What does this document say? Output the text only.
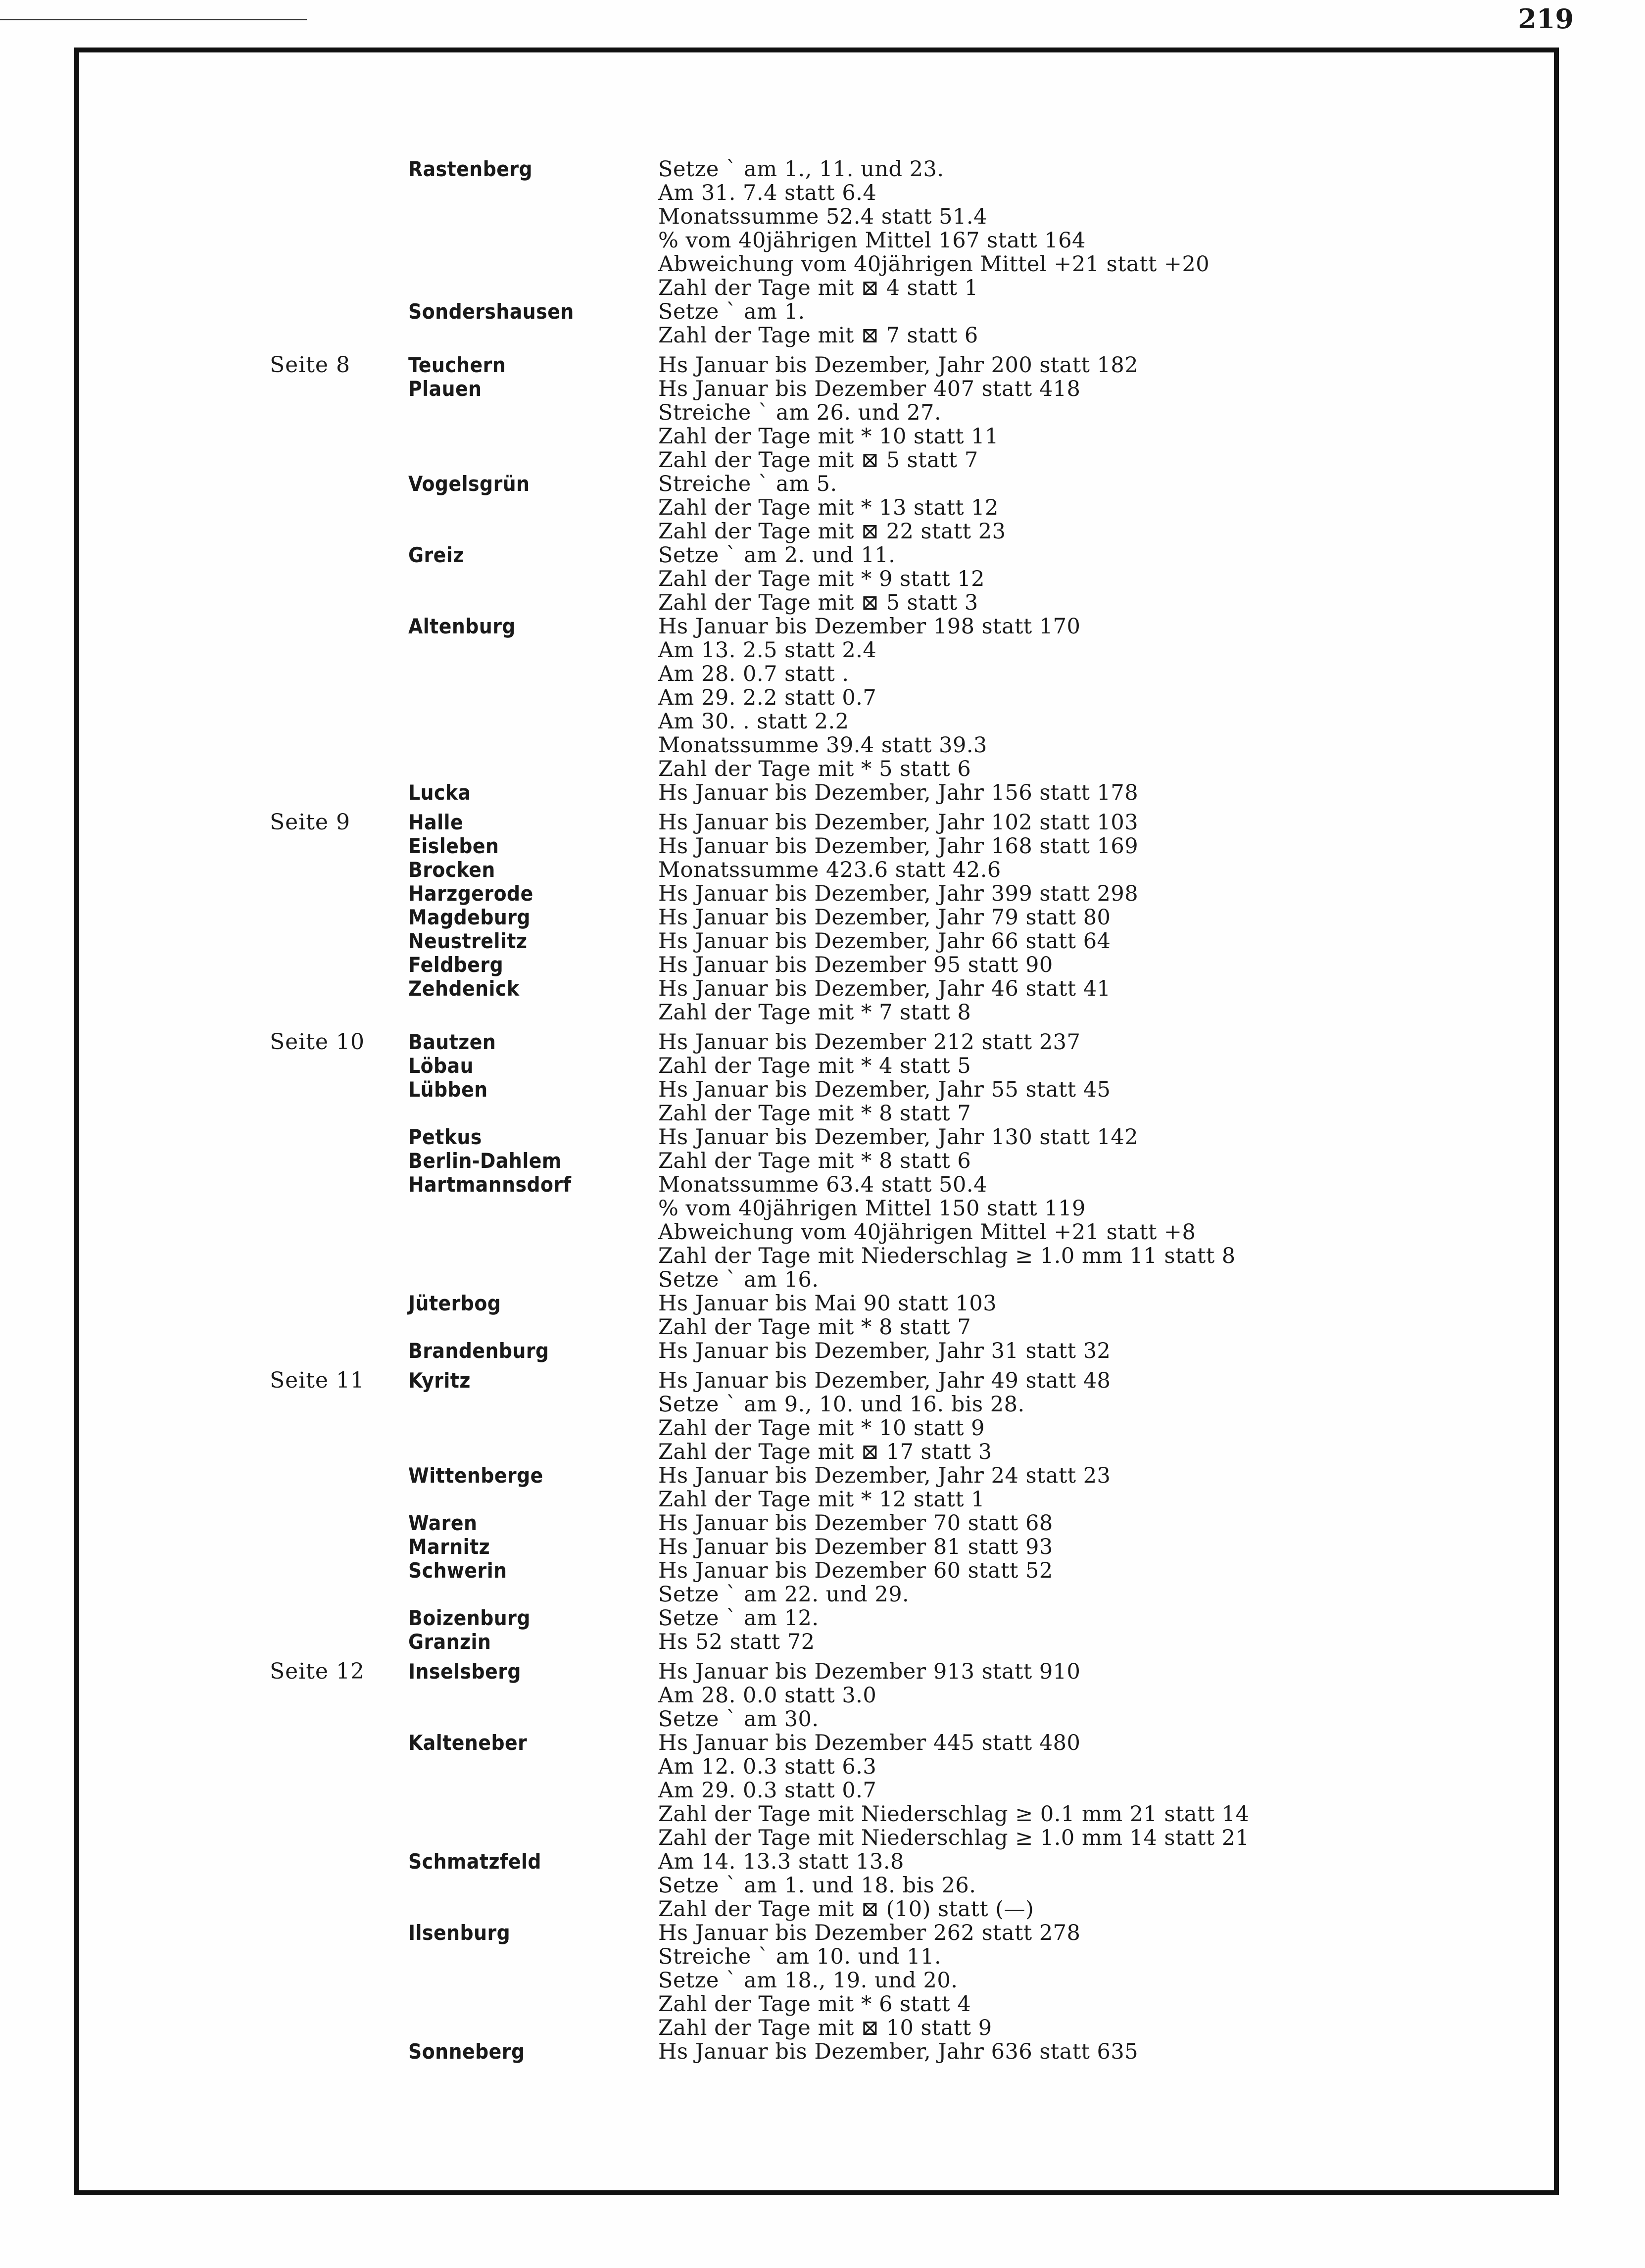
219
Rastenberg	Setze ` am 1., 11. und 23.
Am 31. 7.4 statt 6.4
Monatssumme 52.4 statt 51.4
% vom 40jährigen Mittel 167 statt 164
Abweichung vom 40jährigen Mittel +21 statt +20
Zahl der Tage mit ⊠ 4 statt 1
Sondershausen	Setze ` am 1.
Zahl der Tage mit ⊠ 7 statt 6
Seite 8	Teuchern	Hs Januar bis Dezember, Jahr 200 statt 182
Plauen	Hs Januar bis Dezember 407 statt 418
Streiche ` am 26. und 27.
Zahl der Tage mit * 10 statt 11
Zahl der Tage mit ⊠ 5 statt 7
Vogelsgrün	Streiche ` am 5.
Zahl der Tage mit * 13 statt 12
Zahl der Tage mit ⊠ 22 statt 23
Greiz	Setze ` am 2. und 11.
Zahl der Tage mit * 9 statt 12
Zahl der Tage mit ⊠ 5 statt 3
Altenburg	Hs Januar bis Dezember 198 statt 170
Am 13. 2.5 statt 2.4
Am 28. 0.7 statt .
Am 29. 2.2 statt 0.7
Am 30. . statt 2.2
Monatssumme 39.4 statt 39.3
Zahl der Tage mit * 5 statt 6
Lucka	Hs Januar bis Dezember, Jahr 156 statt 178
Seite 9	Halle	Hs Januar bis Dezember, Jahr 102 statt 103
Eisleben	Hs Januar bis Dezember, Jahr 168 statt 169
Brocken	Monatssumme 423.6 statt 42.6
Harzgerode	Hs Januar bis Dezember, Jahr 399 statt 298
Magdeburg	Hs Januar bis Dezember, Jahr 79 statt 80
Neustrelitz	Hs Januar bis Dezember, Jahr 66 statt 64
Feldberg	Hs Januar bis Dezember 95 statt 90
Zehdenick	Hs Januar bis Dezember, Jahr 46 statt 41
Zahl der Tage mit * 7 statt 8
Seite 10	Bautzen	Hs Januar bis Dezember 212 statt 237
Löbau	Zahl der Tage mit * 4 statt 5
Lübben	Hs Januar bis Dezember, Jahr 55 statt 45
Zahl der Tage mit * 8 statt 7
Petkus	Hs Januar bis Dezember, Jahr 130 statt 142
Berlin-Dahlem	Zahl der Tage mit * 8 statt 6
Hartmannsdorf	Monatssumme 63.4 statt 50.4
% vom 40jährigen Mittel 150 statt 119
Abweichung vom 40jährigen Mittel +21 statt +8
Zahl der Tage mit Niederschlag ≥ 1.0 mm 11 statt 8
Setze ` am 16.
Jüterbog	Hs Januar bis Mai 90 statt 103
Zahl der Tage mit * 8 statt 7
Brandenburg	Hs Januar bis Dezember, Jahr 31 statt 32
Seite 11	Kyritz	Hs Januar bis Dezember, Jahr 49 statt 48
Setze ` am 9., 10. und 16. bis 28.
Zahl der Tage mit * 10 statt 9
Zahl der Tage mit ⊠ 17 statt 3
Wittenberge	Hs Januar bis Dezember, Jahr 24 statt 23
Zahl der Tage mit * 12 statt 1
Waren	Hs Januar bis Dezember 70 statt 68
Marnitz	Hs Januar bis Dezember 81 statt 93
Schwerin	Hs Januar bis Dezember 60 statt 52
Setze ` am 22. und 29.
Boizenburg	Setze ` am 12.
Granzin	Hs 52 statt 72
Seite 12	Inselsberg	Hs Januar bis Dezember 913 statt 910
Am 28. 0.0 statt 3.0
Setze ` am 30.
Kalteneber	Hs Januar bis Dezember 445 statt 480
Am 12. 0.3 statt 6.3
Am 29. 0.3 statt 0.7
Zahl der Tage mit Niederschlag ≥ 0.1 mm 21 statt 14
Zahl der Tage mit Niederschlag ≥ 1.0 mm 14 statt 21
Schmatzfeld	Am 14. 13.3 statt 13.8
Setze ` am 1. und 18. bis 26.
Zahl der Tage mit ⊠ (10) statt (—)
Ilsenburg	Hs Januar bis Dezember 262 statt 278
Streiche ` am 10. und 11.
Setze ` am 18., 19. und 20.
Zahl der Tage mit * 6 statt 4
Zahl der Tage mit ⊠ 10 statt 9
Sonneberg	Hs Januar bis Dezember, Jahr 636 statt 635
